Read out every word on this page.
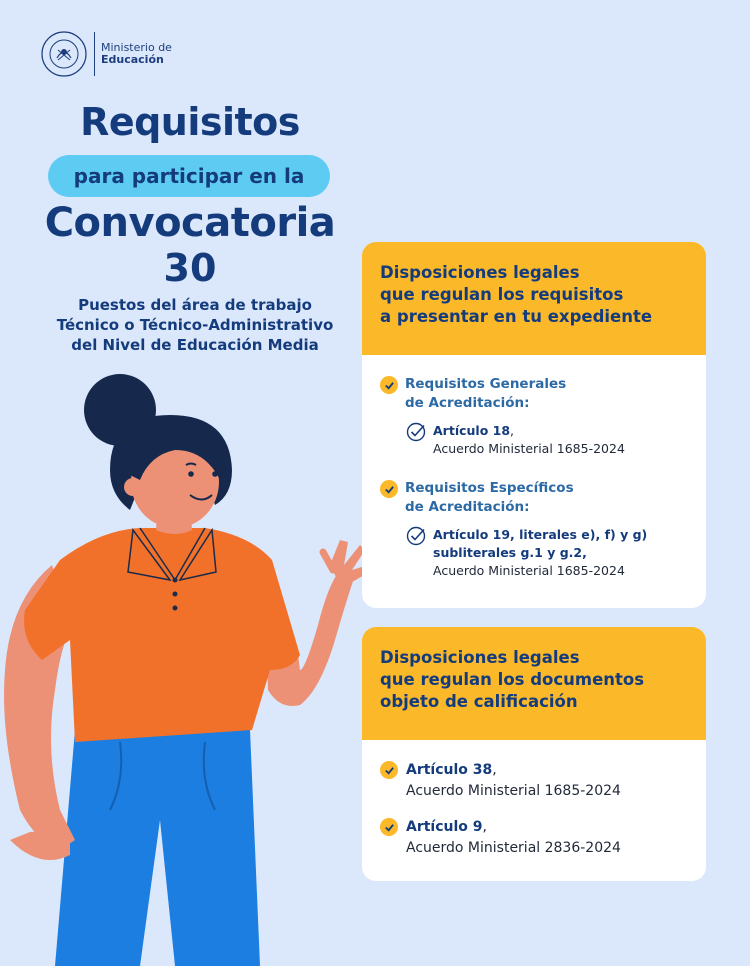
Ministerio de
Educación
Requisitos
para participar en la
Convocatoria
30
Puestos del área de trabajo
Técnico o Técnico-Administrativo
del Nivel de Educación Media
Disposiciones legales
que regulan los requisitos
a presentar en tu expediente
Requisitos Generales
de Acreditación:
Artículo 18,
Acuerdo Ministerial 1685-2024
Requisitos Específicos
de Acreditación:
Artículo 19, literales e), f) y g)
subliterales g.1 y g.2,
Acuerdo Ministerial 1685-2024
Disposiciones legales
que regulan los documentos
objeto de calificación
Artículo 38,
Acuerdo Ministerial 1685-2024
Artículo 9,
Acuerdo Ministerial 2836-2024
